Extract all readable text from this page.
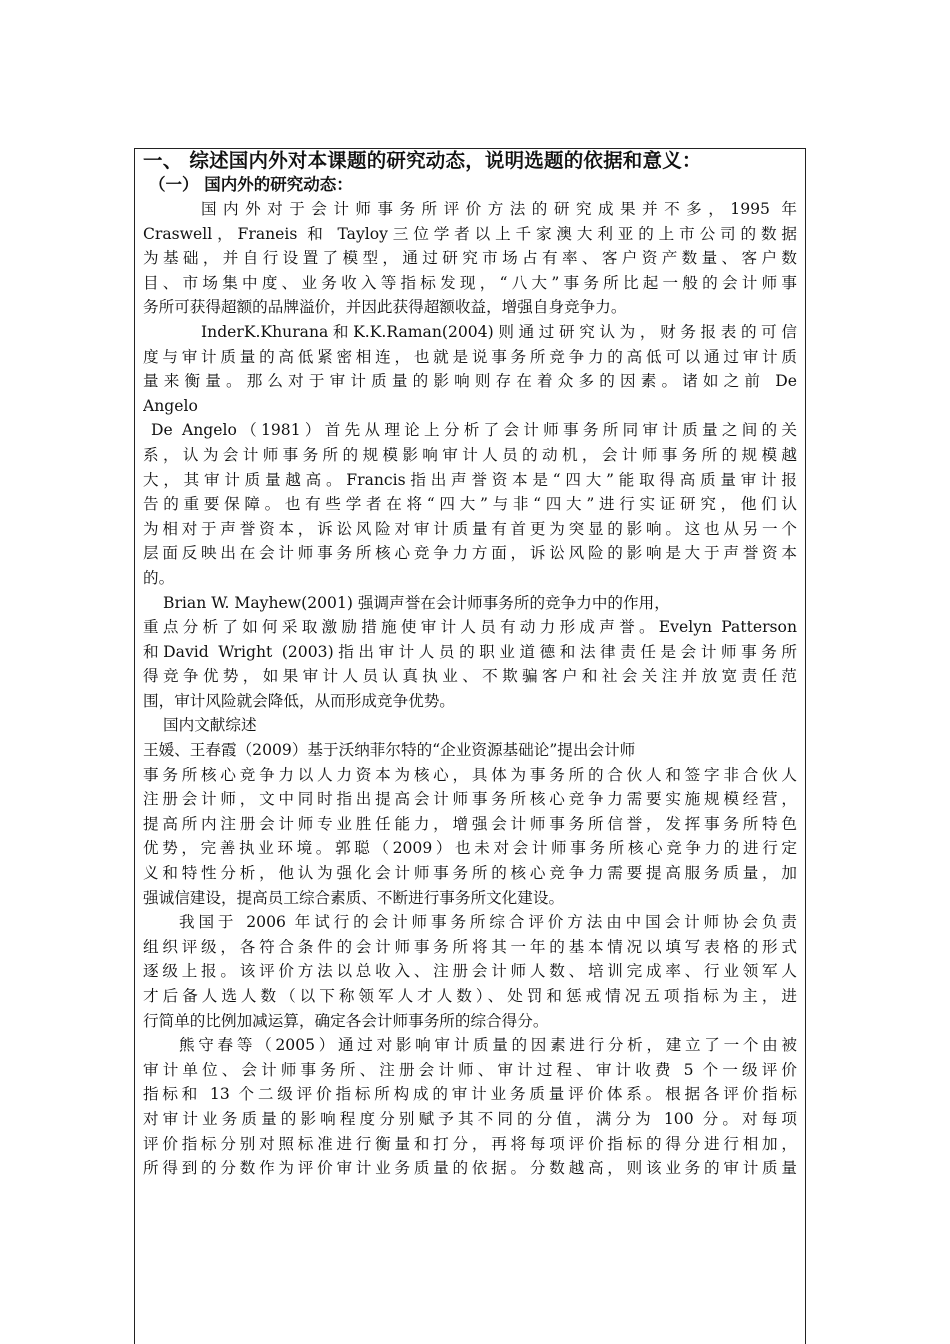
一、 综述国内外对本课题的研究动态，说明选题的依据和意义：
（一） 国内外的研究动态：
国内外对于会计师事务所评价方法的研究成果并不多，1995 年
Craswell，Franeis 和 Tayloy三位学者以上千家澳大利亚的上市公司的数据
为基础，并自行设置了模型，通过研究市场占有率、客户资产数量、客户数
目、市场集中度、业务收入等指标发现，“八大”事务所比起一般的会计师事
务所可获得超额的品牌溢价，并因此获得超额收益，增强自身竞争力。
InderK.Khurana和K.K.Raman(2004)则通过研究认为，财务报表的可信
度与审计质量的高低紧密相连，也就是说事务所竞争力的高低可以通过审计质
量来衡量。那么对于审计质量的影响则存在着众多的因素。诸如之前 De
Angelo
De Angelo（1981）首先从理论上分析了会计师事务所同审计质量之间的关
系，认为会计师事务所的规模影响审计人员的动机，会计师事务所的规模越
大，其审计质量越高。Francis指出声誉资本是“四大”能取得高质量审计报
告的重要保障。也有些学者在将“四大”与非“四大”进行实证研究，他们认
为相对于声誉资本，诉讼风险对审计质量有首更为突显的影响。这也从另一个
层面反映出在会计师事务所核心竞争力方面，诉讼风险的影响是大于声誉资本
的。
Brian W. Mayhew(2001) 强调声誉在会计师事务所的竞争力中的作用，
重点分析了如何采取激励措施使审计人员有动力形成声誉。Evelyn Patterson
和David Wright (2003)指出审计人员的职业道德和法律责任是会计师事务所
得竞争优势，如果审计人员认真执业、不欺骗客户和社会关注并放宽责任范
围，审计风险就会降低，从而形成竞争优势。
国内文献综述
王媛、王春霞（2009）基于沃纳菲尔特的“企业资源基础论”提出会计师
事务所核心竞争力以人力资本为核心，具体为事务所的合伙人和签字非合伙人
注册会计师，文中同时指出提高会计师事务所核心竞争力需要实施规模经营，
提高所内注册会计师专业胜任能力，增强会计师事务所信誉，发挥事务所特色
优势，完善执业环境。郭聪（2009）也未对会计师事务所核心竞争力的进行定
义和特性分析，他认为强化会计师事务所的核心竞争力需要提高服务质量，加
强诚信建设，提高员工综合素质、不断进行事务所文化建设。
我国于 2006 年试行的会计师事务所综合评价方法由中国会计师协会负责
组织评级，各符合条件的会计师事务所将其一年的基本情况以填写表格的形式
逐级上报。该评价方法以总收入、注册会计师人数、培训完成率、行业领军人
才后备人选人数（以下称领军人才人数）、处罚和惩戒情况五项指标为主，进
行简单的比例加减运算，确定各会计师事务所的综合得分。
熊守春等（2005）通过对影响审计质量的因素进行分析，建立了一个由被
审计单位、会计师事务所、注册会计师、审计过程、审计收费 5 个一级评价
指标和 13 个二级评价指标所构成的审计业务质量评价体系。根据各评价指标
对审计业务质量的影响程度分别赋予其不同的分值，满分为 100 分。对每项
评价指标分别对照标准进行衡量和打分，再将每项评价指标的得分进行相加，
所得到的分数作为评价审计业务质量的依据。分数越高，则该业务的审计质量
